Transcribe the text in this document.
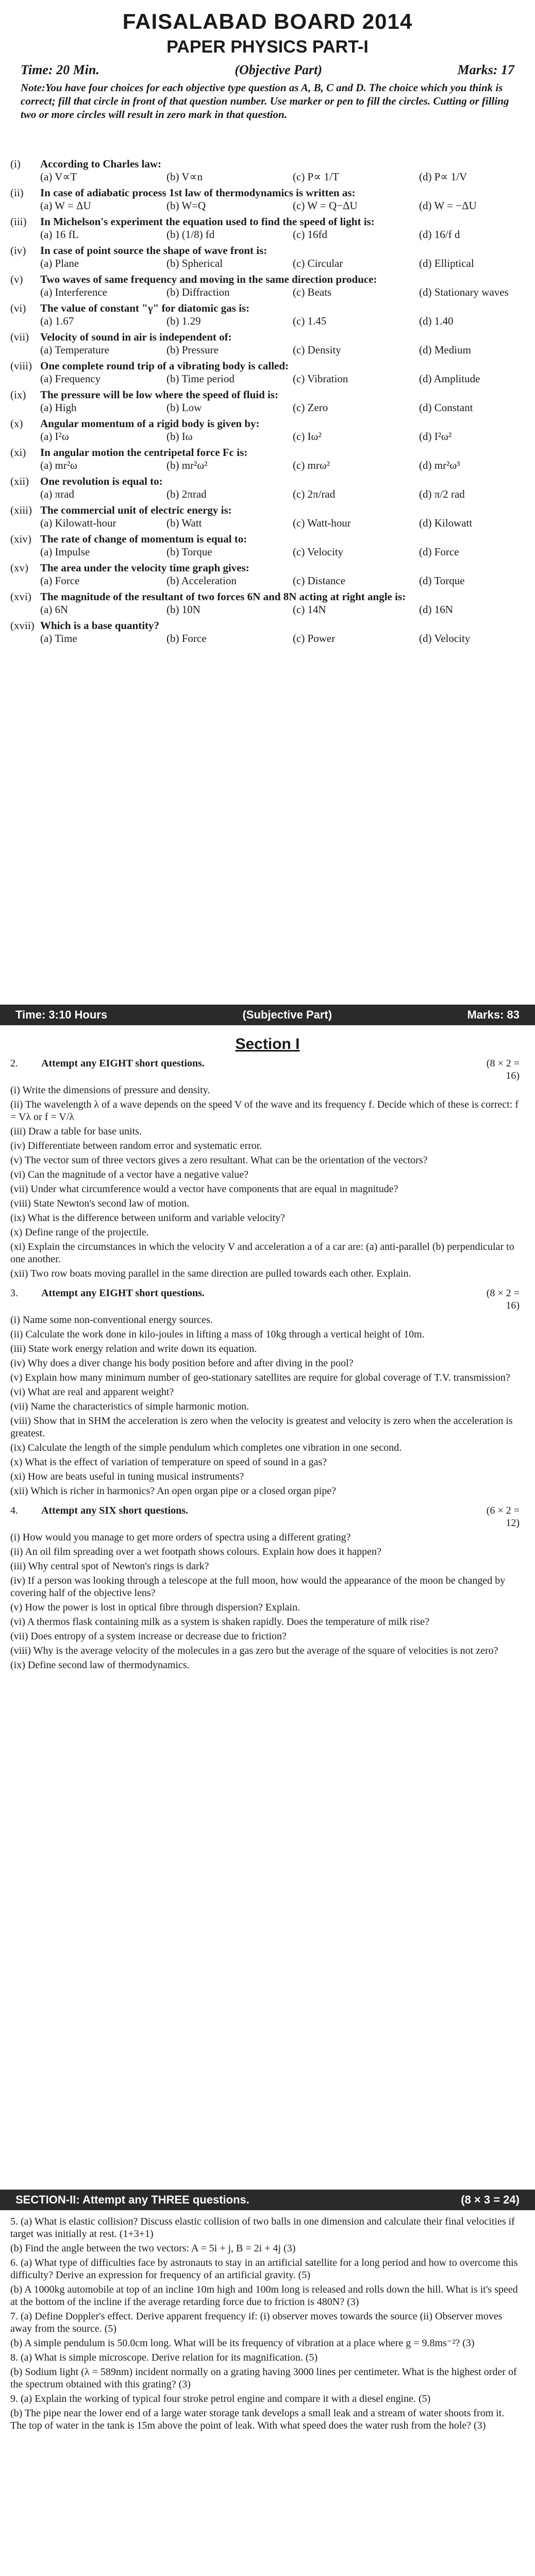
FAISALABAD BOARD 2014
PAPER PHYSICS PART-I
Time: 20 Min.	(Objective Part)	Marks: 17
Note:You have four choices for each objective type question as A, B, C and D. The choice which you think is correct; fill that circle in front of that question number. Use marker or pen to fill the circles. Cutting or filling two or more circles will result in zero mark in that question.
(i)	According to Charles law:
(a) V∝T	(b) V∝n	(c) P∝ 1/T	(d) P∝ 1/V
(ii)	In case of adiabatic process 1st law of thermodynamics is written as:
(a) W = ΔU	(b) W=Q	(c) W = Q−ΔU	(d) W = −ΔU
(iii)	In Michelson's experiment the equation used to find the speed of light is:
(a) 16 fL	(b) (1/8) fd	(c) 16fd	(d) 16/f d
(iv)	In case of point source the shape of wave front is:
(a) Plane	(b) Spherical	(c) Circular	(d) Elliptical
(v)	Two waves of same frequency and moving in the same direction produce:
(a) Interference	(b) Diffraction	(c) Beats	(d) Stationary waves
(vi)	The value of constant "γ" for diatomic gas is:
(a) 1.67	(b) 1.29	(c) 1.45	(d) 1.40
(vii)	Velocity of sound in air is independent of:
(a) Temperature	(b) Pressure	(c) Density	(d) Medium
(viii) One complete round trip of a vibrating body is called:
(a) Frequency	(b) Time period	(c) Vibration	(d) Amplitude
(ix)	The pressure will be low where the speed of fluid is:
(a) High	(b) Low	(c) Zero	(d) Constant
(x)	Angular momentum of a rigid body is given by:
(a) I²ω	(b) Iω	(c) Iω²	(d) I²ω²
(xi)	In angular motion the centripetal force Fc is:
(a) mr²ω	(b) mr²ω²	(c) mrω²	(d) mr²ω³
(xii)	One revolution is equal to:
(a) πrad	(b) 2πrad	(c) 2π/rad	(d) π/2 rad
(xiii) The commercial unit of electric energy is:
(a) Kilowatt-hour	(b) Watt	(c) Watt-hour	(d) Kilowatt
(xiv) The rate of change of momentum is equal to:
(a) Impulse	(b) Torque	(c) Velocity	(d) Force
(xv)	The area under the velocity time graph gives:
(a) Force	(b) Acceleration	(c) Distance	(d) Torque
(xvi) The magnitude of the resultant of two forces 6N and 8N acting at right angle is:
(a) 6N	(b) 10N	(c) 14N	(d) 16N
(xvii) Which is a base quantity?
(a) Time	(b) Force	(c) Power	(d) Velocity
Time: 3:10 Hours	(Subjective Part)	Marks: 83
Section I
2.	Attempt any EIGHT short questions.	(8 × 2 = 16)
(i) Write the dimensions of pressure and density.
(ii) The wavelength λ of a wave depends on the speed V of the wave and its frequency f. Decide which of these is correct: f = Vλ or f = V/λ
(iii) Draw a table for base units.
(iv) Differentiate between random error and systematic error.
(v) The vector sum of three vectors gives a zero resultant. What can be the orientation of the vectors?
(vi) Can the magnitude of a vector have a negative value?
(vii) Under what circumference would a vector have components that are equal in magnitude?
(viii) State Newton's second law of motion.
(ix) What is the difference between uniform and variable velocity?
(x) Define range of the projectile.
(xi) Explain the circumstances in which the velocity V and acceleration a of a car are: (a) anti-parallel (b) perpendicular to one another.
(xii) Two row boats moving parallel in the same direction are pulled towards each other. Explain.
3.	Attempt any EIGHT short questions.	(8 × 2 = 16)
(i) Name some non-conventional energy sources.
(ii) Calculate the work done in kilo-joules in lifting a mass of 10kg through a vertical height of 10m.
(iii) State work energy relation and write down its equation.
(iv) Why does a diver change his body position before and after diving in the pool?
(v) Explain how many minimum number of geo-stationary satellites are require for global coverage of T.V. transmission?
(vi) What are real and apparent weight?
(vii) Name the characteristics of simple harmonic motion.
(viii) Show that in SHM the acceleration is zero when the velocity is greatest and velocity is zero when the acceleration is greatest.
(ix) Calculate the length of the simple pendulum which completes one vibration in one second.
(x) What is the effect of variation of temperature on speed of sound in a gas?
(xi) How are beats useful in tuning musical instruments?
(xii) Which is richer in harmonics? An open organ pipe or a closed organ pipe?
4.	Attempt any SIX short questions.	(6 × 2 = 12)
(i) How would you manage to get more orders of spectra using a different grating?
(ii) An oil film spreading over a wet footpath shows colours. Explain how does it happen?
(iii) Why central spot of Newton's rings is dark?
(iv) If a person was looking through a telescope at the full moon, how would the appearance of the moon be changed by covering half of the objective lens?
(v) How the power is lost in optical fibre through dispersion? Explain.
(vi) A thermos flask containing milk as a system is shaken rapidly. Does the temperature of milk rise?
(vii) Does entropy of a system increase or decrease due to friction?
(viii) Why is the average velocity of the molecules in a gas zero but the average of the square of velocities is not zero?
(ix) Define second law of thermodynamics.
SECTION-II: Attempt any THREE questions.	(8 × 3 = 24)
5. (a) What is elastic collision? Discuss elastic collision of two balls in one dimension and calculate their final velocities if target was initially at rest. (1+3+1)
(b) Find the angle between the two vectors: A = 5i + j, B = 2i + 4j (3)
6. (a) What type of difficulties face by astronauts to stay in an artificial satellite for a long period and how to overcome this difficulty? Derive an expression for frequency of an artificial gravity. (5)
(b) A 1000kg automobile at top of an incline 10m high and 100m long is released and rolls down the hill. What is it's speed at the bottom of the incline if the average retarding force due to friction is 480N? (3)
7. (a) Define Doppler's effect. Derive apparent frequency if: (i) observer moves towards the source (ii) Observer moves away from the source. (5)
(b) A simple pendulum is 50.0cm long. What will be its frequency of vibration at a place where g = 9.8ms⁻²? (3)
8. (a) What is simple microscope. Derive relation for its magnification. (5)
(b) Sodium light (λ = 589nm) incident normally on a grating having 3000 lines per centimeter. What is the highest order of the spectrum obtained with this grating? (3)
9. (a) Explain the working of typical four stroke petrol engine and compare it with a diesel engine. (5)
(b) The pipe near the lower end of a large water storage tank develops a small leak and a stream of water shoots from it. The top of water in the tank is 15m above the point of leak. With what speed does the water rush from the hole? (3)
